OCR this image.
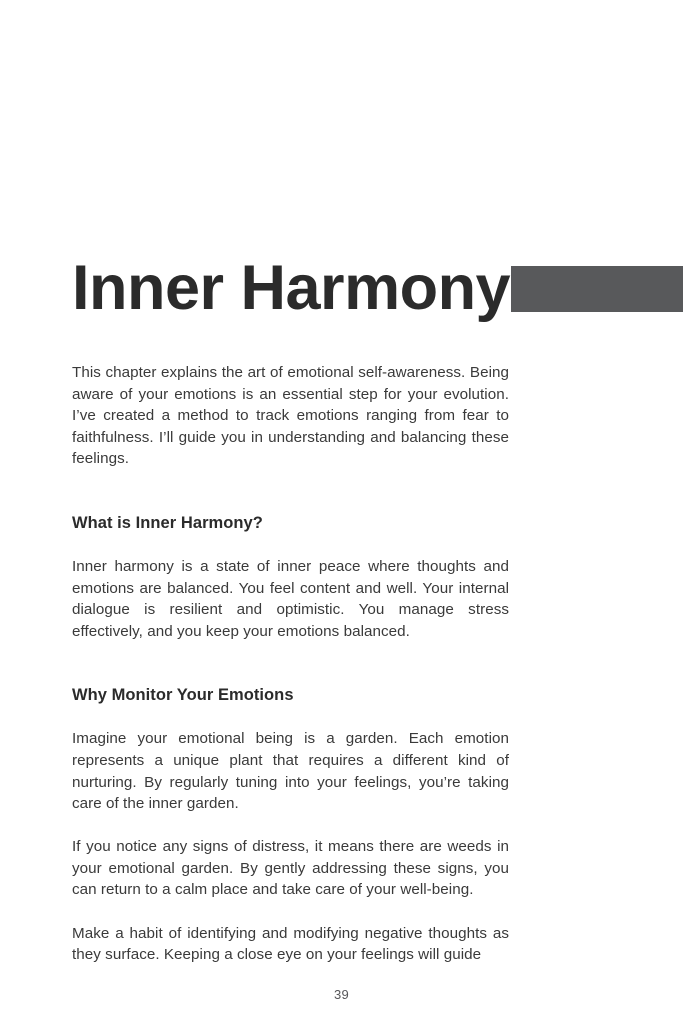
Inner Harmony

This chapter explains the art of emotional self-awareness. Being aware of your emotions is an essential step for your evolution. I’ve created a method to track emotions ranging from fear to faithfulness. I’ll guide you in understanding and balancing these feelings.

What is Inner Harmony?

Inner harmony is a state of inner peace where thoughts and emotions are balanced. You feel content and well. Your internal dialogue is resilient and optimistic. You manage stress effectively, and you keep your emotions balanced.

Why Monitor Your Emotions

Imagine your emotional being is a garden. Each emotion represents a unique plant that requires a different kind of nurturing. By regularly tuning into your feelings, you’re taking care of the inner garden.

If you notice any signs of distress, it means there are weeds in your emotional garden. By gently addressing these signs, you can return to a calm place and take care of your well-being.

Make a habit of identifying and modifying negative thoughts as they surface. Keeping a close eye on your feelings will guide

39
